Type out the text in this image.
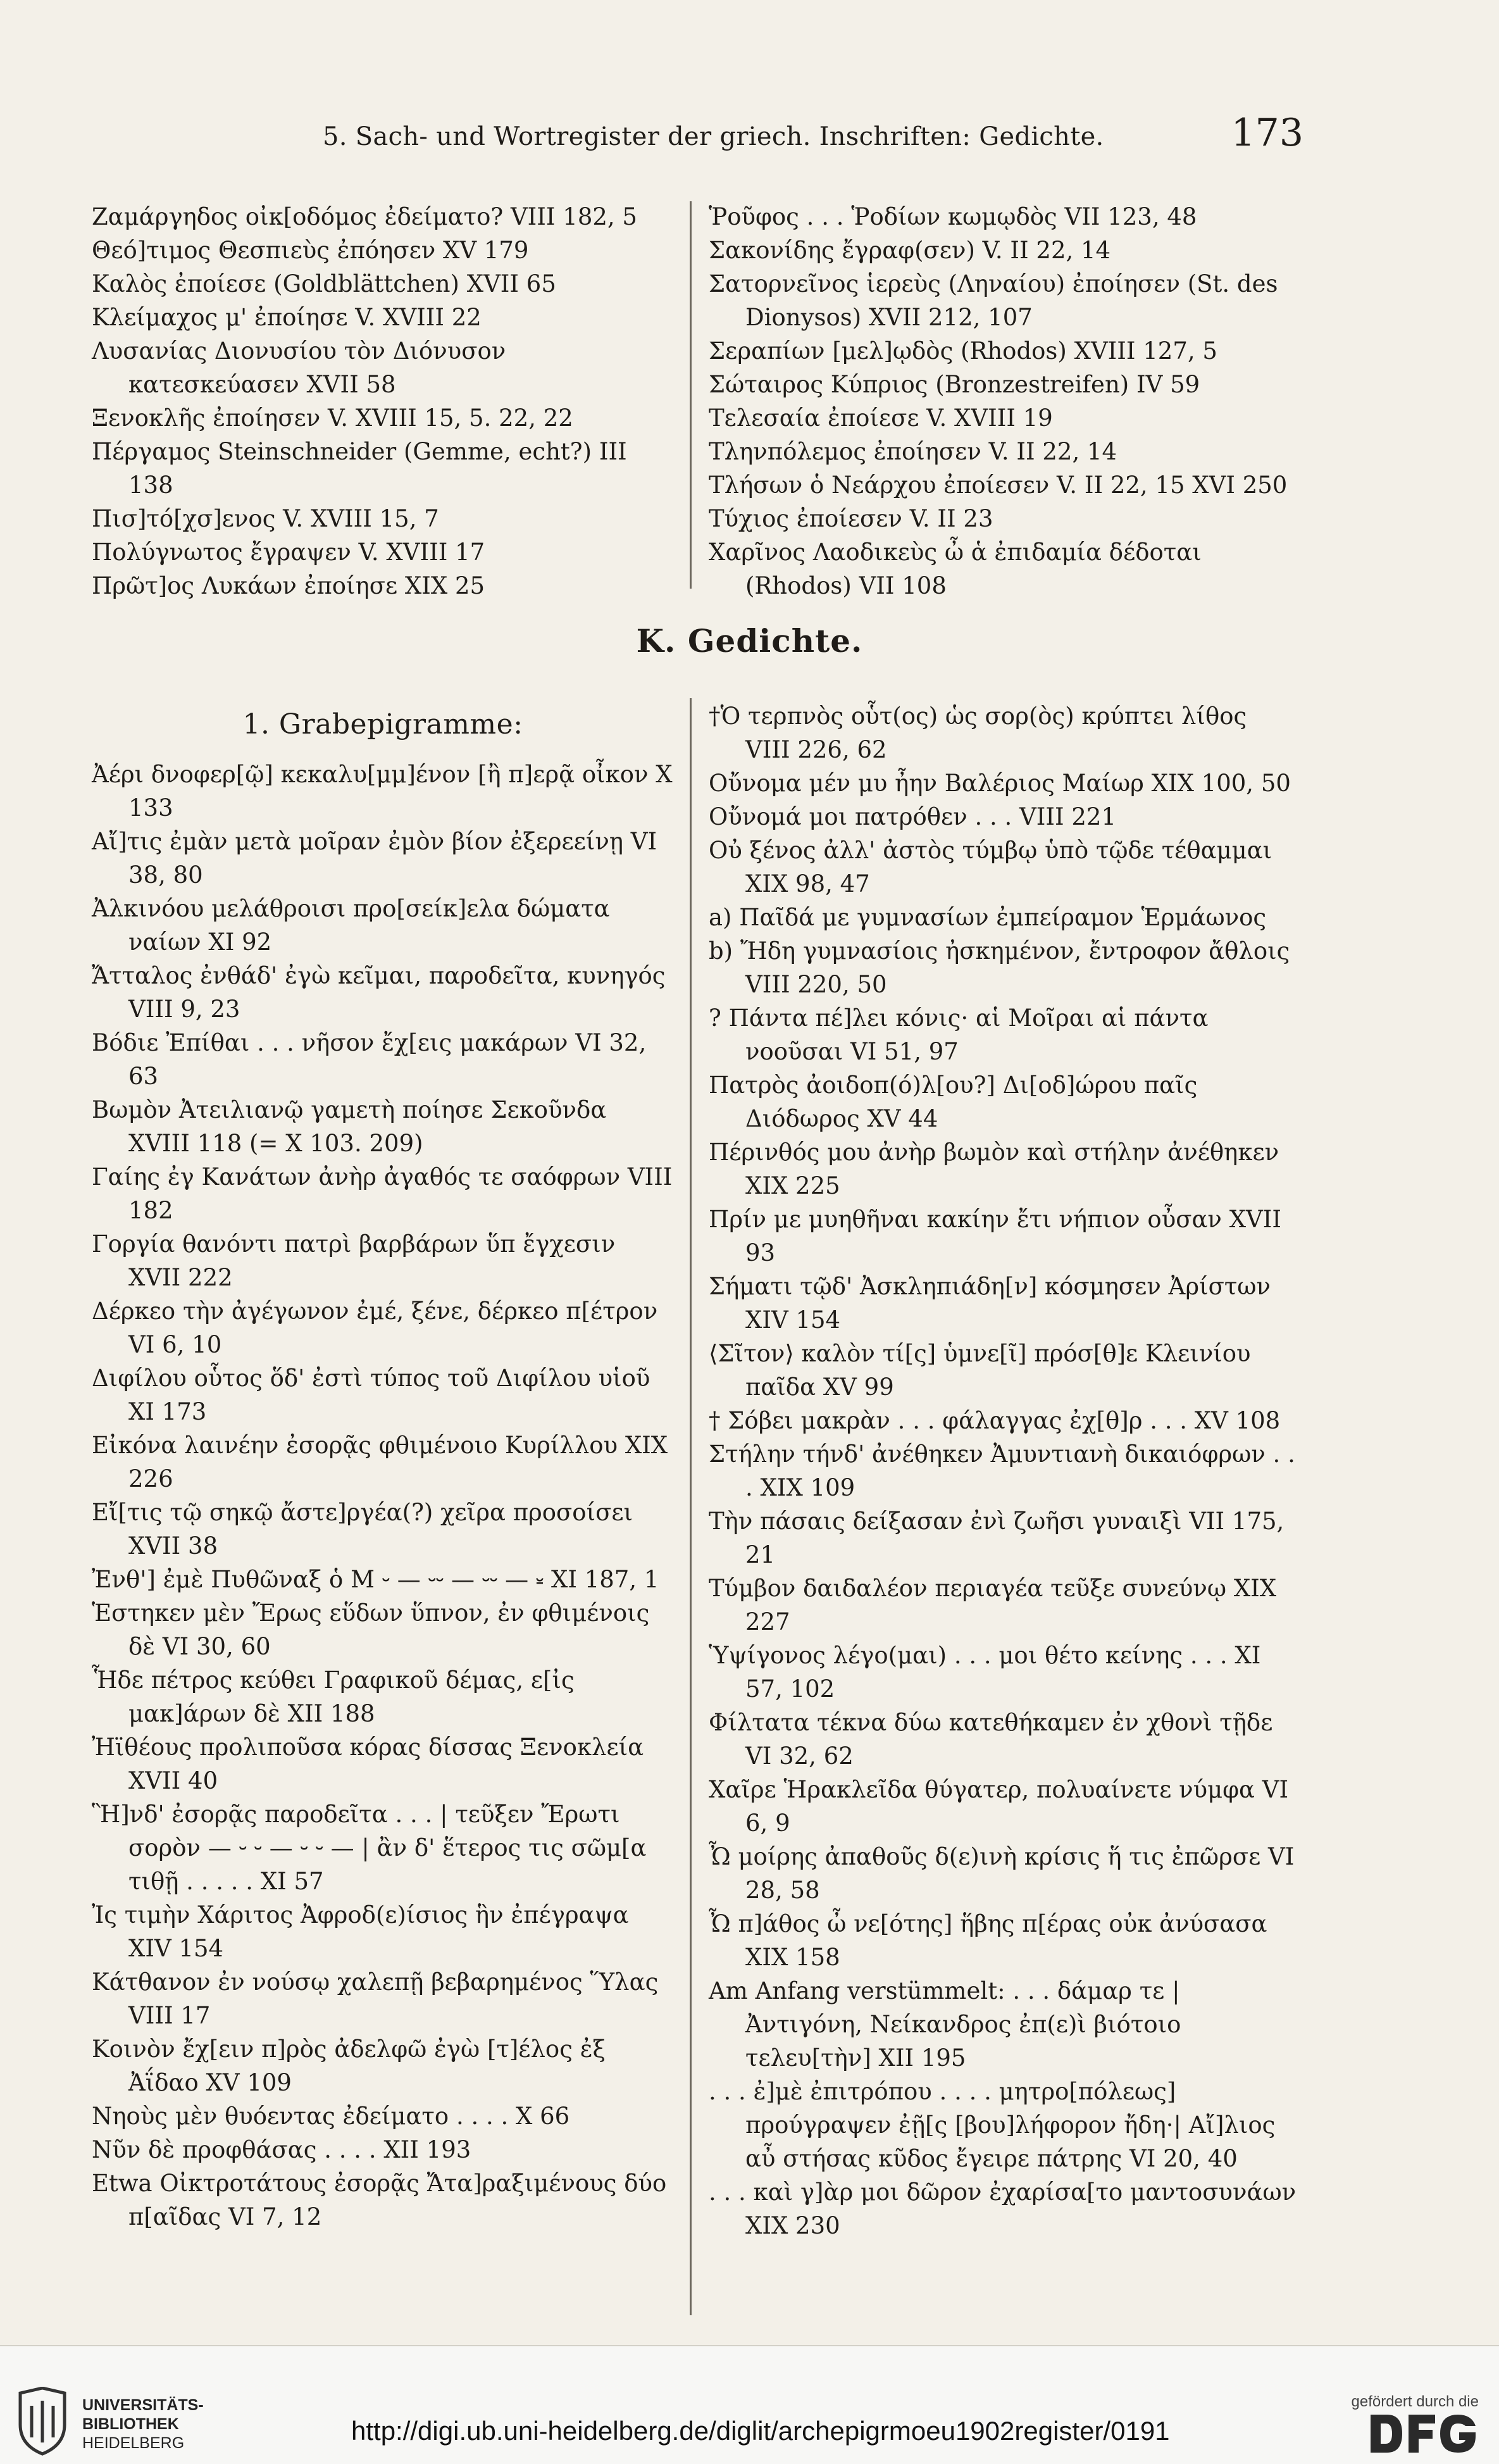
5. Sach- und Wortregister der griech. Inschriften: Gedichte.	173
Ζαμάργηδος οἰκ[οδόμος ἐδείματο? VIII 182, 5
Θεό]τιμος Θεσπιεὺς ἐπόησεν XV 179
Καλὸς ἐποίεσε (Goldblättchen) XVII 65
Κλείμαχος μ' ἐποίησε V. XVIII 22
Λυσανίας Διονυσίου τὸν Διόνυσον κατεσκεύασεν XVII 58
Ξενοκλῆς ἐποίησεν V. XVIII 15, 5. 22, 22
Πέργαμος Steinschneider (Gemme, echt?) III 138
Πισ]τό[χσ]ενος V. XVIII 15, 7
Πολύγνωτος ἔγραψεν V. XVIII 17
Πρῶτ]ος Λυκάων ἐποίησε XIX 25
Ῥοῦφος . . . Ῥοδίων κωμῳδὸς VII 123, 48
Σακονίδης ἔγραφ(σεν) V. II 22, 14
Σατορνεῖνος ἱερεὺς (Ληναίου) ἐποίησεν (St. des Dionysos) XVII 212, 107
Σεραπίων [μελ]ῳδὸς (Rhodos) XVIII 127, 5
Σώταιρος Κύπριος (Bronzestreifen) IV 59
Τελεσαία ἐποίεσε V. XVIII 19
Τληνπόλεμος ἐποίησεν V. II 22, 14
Τλήσων ὁ Νεάρχου ἐποίεσεν V. II 22, 15 XVI 250
Τύχιος ἐποίεσεν V. II 23
Χαρῖνος Λαοδικεὺς ὦ ἁ ἐπιδαμία δέδοται (Rhodos) VII 108
K. Gedichte.
1. Grabepigramme:
Ἀέρι δνοφερ[ῷ] κεκαλυ[μμ]ένον [ἢ π]ερᾷ οἶκον X 133
Αἴ]τις ἐμὰν μετὰ μοῖραν ἐμὸν βίον ἐξερεείνῃ VI 38, 80
Ἀλκινόου μελάθροισι προ[σείκ]ελα δώματα ναίων XI 92
Ἄτταλος ἐνθάδ' ἐγὼ κεῖμαι, παροδεῖτα, κυνηγός VIII 9, 23
Βόδιε Ἐπίθαι . . . νῆσον ἔχ[εις μακάρων VI 32, 63
Βωμὸν Ἀτειλιανῷ γαμετὴ ποίησε Σεκοῦνδα XVIII 118 (= X 103. 209)
Γαίης ἐγ Κανάτων ἀνὴρ ἀγαθός τε σαόφρων VIII 182
Γοργία θανόντι πατρὶ βαρβάρων ὕπ ἔγχεσιν XVII 222
Δέρκεο τὴν ἀγέγωνον ἐμέ, ξένε, δέρκεο π[έτρον VI 6, 10
Διφίλου οὗτος ὅδ' ἐστὶ τύπος τοῦ Διφίλου υἱοῦ XI 173
Εἰκόνα λαινέην ἐσορᾷς φθιμένοιο Κυρίλλου XIX 226
Εἴ[τις τῷ σηκῷ ἄστε]ργέα(?) χεῖρα προσοίσει XVII 38
Ἐνθ'] ἐμὲ Πυθῶναξ ὁ Μ ⏑ — ⏑⏑ — ⏑⏑ — ⏓ XI 187, 1
Ἑστηκεν μὲν Ἔρως εὕδων ὕπνον, ἐν φθιμένοις δὲ VI 30, 60
Ἧδε πέτρος κεύθει Γραφικοῦ δέμας, ε[ἰς μακ]άρων δὲ XII 188
Ἠϊθέους προλιποῦσα κόρας δίσσας Ξενοκλεία XVII 40
Ἣ]νδ' ἐσορᾷς παροδεῖτα . . . | τεῦξεν Ἔρωτι σορὸν — ⏑ ⏑ — ⏑ ⏑ — | ἂν δ' ἕτερος τις σῶμ[α τιθῇ . . . . . XI 57
Ἰς τιμὴν Χάριτος Ἀφροδ(ε)ίσιος ἣν ἐπέγραψα XIV 154
Κάτθανον ἐν νούσῳ χαλεπῇ βεβαρημένος Ὕλας VIII 17
Κοινὸν ἔχ[ειν π]ρὸς ἀδελφῶ ἐγὼ [τ]έλος ἐξ Ἀΐδαο XV 109
Νηοὺς μὲν θυόεντας ἐδείματο . . . . X 66
Νῦν δὲ προφθάσας . . . . XII 193
Etwa Οἰκτροτάτους ἐσορᾷς Ἄτα]ραξιμένους δύο π[αῖδας VI 7, 12
†Ὁ τερπνὸς οὗτ(ος) ὡς σορ(ὸς) κρύπτει λίθος VIII 226, 62
Οὔνομα μέν μυ ἦην Βαλέριος Μαίωρ XIX 100, 50
Οὔνομά μοι πατρόθεν . . . VIII 221
Οὐ ξένος ἀλλ' ἀστὸς τύμβῳ ὑπὸ τῷδε τέθαμμαι XIX 98, 47
a) Παῖδά με γυμνασίων ἐμπείραμον Ἑρμάωνος
b) Ἤδη γυμνασίοις ἠσκημένον, ἔντροφον ἄθλοις VIII 220, 50
? Πάντα πέ]λει κόνις· αἱ Μοῖραι αἱ πάντα νοοῦσαι VI 51, 97
Πατρὸς ἀοιδοπ(ό)λ[ου?] Δι[οδ]ώρου παῖς Διόδωρος XV 44
Πέρινθός μου ἀνὴρ βωμὸν καὶ στήλην ἀνέθηκεν XIX 225
Πρίν με μυηθῆναι κακίην ἔτι νήπιον οὖσαν XVII 93
Σήματι τῷδ' Ἀσκληπιάδη[ν] κόσμησεν Ἀρίστων XIV 154
⟨Σῖτον⟩ καλὸν τί[ς] ὑμνε[ῖ] πρόσ[θ]ε Κλεινίου παῖδα XV 99
† Σόβει μακρὰν . . . φάλαγγας ἐχ[θ]ρ . . . XV 108
Στήλην τήνδ' ἀνέθηκεν Ἀμυντιανὴ δικαιόφρων . . . XIX 109
Τὴν πάσαις δείξασαν ἐνὶ ζωῆσι γυναιξὶ VII 175, 21
Τύμβον δαιδαλέον περιαγέα τεῦξε συνεύνῳ XIX 227
Ὑψίγονος λέγο(μαι) . . . μοι θέτο κείνης . . . XI 57, 102
Φίλτατα τέκνα δύω κατεθήκαμεν ἐν χθονὶ τῇδε VI 32, 62
Χαῖρε Ἡρακλεῖδα θύγατερ, πολυαίνετε νύμφα VI 6, 9
Ὦ μοίρης ἀπαθοῦς δ(ε)ινὴ κρίσις ἥ τις ἐπῶρσε VI 28, 58
Ὦ π]άθος ὦ νε[ότης] ἥβης π[έρας οὐκ ἀνύσασα XIX 158
Am Anfang verstümmelt: . . . δάμαρ τε | Ἀντιγόνη, Νείκανδρος ἐπ(ε)ὶ βιότοιο τελευ[τὴν] XII 195
. . . ἐ]μὲ ἐπιτρόπου . . . . μητρο[πόλεως] προύγραψεν ἐῇ[ς [βου]λήφορον ἤδη·| Αἴ]λιος αὖ στήσας κῦδος ἔγειρε πάτρης VI 20, 40
. . . καὶ γ]ὰρ μοι δῶρον ἐχαρίσα[το μαντοσυνάων XIX 230
UNIVERSITÄTS-
BIBLIOTHEK
HEIDELBERG	http://digi.ub.uni-heidelberg.de/diglit/archepigrmoeu1902register/0191
gefördert durch die
